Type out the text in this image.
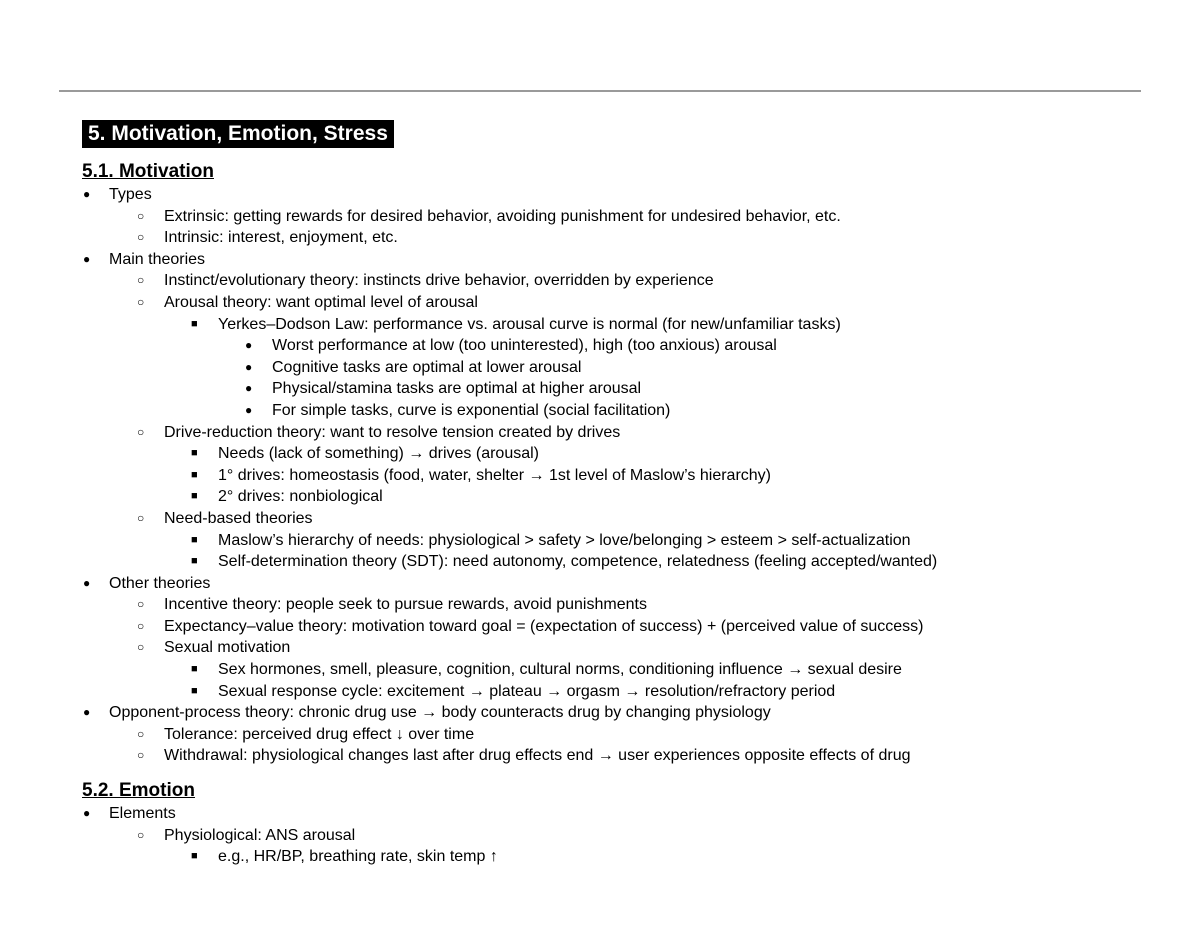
5. Motivation, Emotion, Stress
5.1. Motivation
● Types
○ Extrinsic: getting rewards for desired behavior, avoiding punishment for undesired behavior, etc.
○ Intrinsic: interest, enjoyment, etc.
● Main theories
○ Instinct/evolutionary theory: instincts drive behavior, overridden by experience
○ Arousal theory: want optimal level of arousal
■ Yerkes–Dodson Law: performance vs. arousal curve is normal (for new/unfamiliar tasks)
● Worst performance at low (too uninterested), high (too anxious) arousal
● Cognitive tasks are optimal at lower arousal
● Physical/stamina tasks are optimal at higher arousal
● For simple tasks, curve is exponential (social facilitation)
○ Drive-reduction theory: want to resolve tension created by drives
■ Needs (lack of something) → drives (arousal)
■ 1° drives: homeostasis (food, water, shelter → 1st level of Maslow’s hierarchy)
■ 2° drives: nonbiological
○ Need-based theories
■ Maslow’s hierarchy of needs: physiological > safety > love/belonging > esteem > self-actualization
■ Self-determination theory (SDT): need autonomy, competence, relatedness (feeling accepted/wanted)
● Other theories
○ Incentive theory: people seek to pursue rewards, avoid punishments
○ Expectancy–value theory: motivation toward goal = (expectation of success) + (perceived value of success)
○ Sexual motivation
■ Sex hormones, smell, pleasure, cognition, cultural norms, conditioning influence → sexual desire
■ Sexual response cycle: excitement → plateau → orgasm → resolution/refractory period
● Opponent-process theory: chronic drug use → body counteracts drug by changing physiology
○ Tolerance: perceived drug effect ↓ over time
○ Withdrawal: physiological changes last after drug effects end → user experiences opposite effects of drug
5.2. Emotion
● Elements
○ Physiological: ANS arousal
■ e.g., HR/BP, breathing rate, skin temp ↑
